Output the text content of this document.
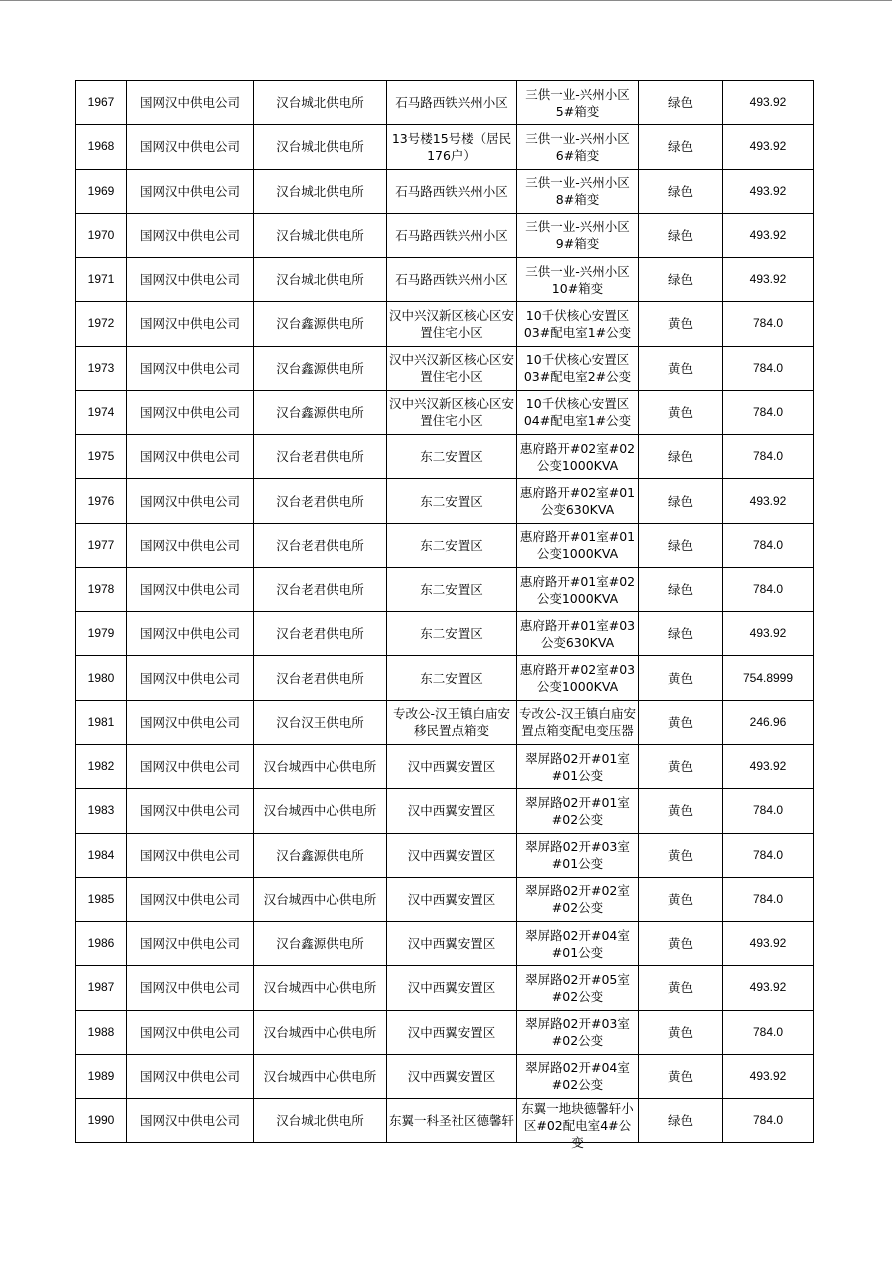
1967	国网汉中供电公司	汉台城北供电所	石马路西铁兴州小区	三供一业-兴州小区5#箱变	绿色	493.92

1968	国网汉中供电公司	汉台城北供电所	13号楼15号楼（居民176户）	三供一业-兴州小区6#箱变	绿色	493.92

1969	国网汉中供电公司	汉台城北供电所	石马路西铁兴州小区	三供一业-兴州小区8#箱变	绿色	493.92

1970	国网汉中供电公司	汉台城北供电所	石马路西铁兴州小区	三供一业-兴州小区9#箱变	绿色	493.92

1971	国网汉中供电公司	汉台城北供电所	石马路西铁兴州小区	三供一业-兴州小区10#箱变	绿色	493.92

1972	国网汉中供电公司	汉台鑫源供电所	汉中兴汉新区核心区安置住宅小区	10千伏核心安置区03#配电室1#公变	黄色	784.0

1973	国网汉中供电公司	汉台鑫源供电所	汉中兴汉新区核心区安置住宅小区	10千伏核心安置区03#配电室2#公变	黄色	784.0

1974	国网汉中供电公司	汉台鑫源供电所	汉中兴汉新区核心区安置住宅小区	10千伏核心安置区04#配电室1#公变	黄色	784.0

1975	国网汉中供电公司	汉台老君供电所	东二安置区	惠府路开#02室#02公变1000KVA	绿色	784.0

1976	国网汉中供电公司	汉台老君供电所	东二安置区	惠府路开#02室#01公变630KVA	绿色	493.92

1977	国网汉中供电公司	汉台老君供电所	东二安置区	惠府路开#01室#01公变1000KVA	绿色	784.0

1978	国网汉中供电公司	汉台老君供电所	东二安置区	惠府路开#01室#02公变1000KVA	绿色	784.0

1979	国网汉中供电公司	汉台老君供电所	东二安置区	惠府路开#01室#03公变630KVA	绿色	493.92

1980	国网汉中供电公司	汉台老君供电所	东二安置区	惠府路开#02室#03公变1000KVA	黄色	754.8999

1981	国网汉中供电公司	汉台汉王供电所	专改公-汉王镇白庙安移民置点箱变	专改公-汉王镇白庙安置点箱变配电变压器	黄色	246.96

1982	国网汉中供电公司	汉台城西中心供电所	汉中西翼安置区	翠屏路02开#01室#01公变	黄色	493.92

1983	国网汉中供电公司	汉台城西中心供电所	汉中西翼安置区	翠屏路02开#01室#02公变	黄色	784.0

1984	国网汉中供电公司	汉台鑫源供电所	汉中西翼安置区	翠屏路02开#03室#01公变	黄色	784.0

1985	国网汉中供电公司	汉台城西中心供电所	汉中西翼安置区	翠屏路02开#02室#02公变	黄色	784.0

1986	国网汉中供电公司	汉台鑫源供电所	汉中西翼安置区	翠屏路02开#04室#01公变	黄色	493.92

1987	国网汉中供电公司	汉台城西中心供电所	汉中西翼安置区	翠屏路02开#05室#02公变	黄色	493.92

1988	国网汉中供电公司	汉台城西中心供电所	汉中西翼安置区	翠屏路02开#03室#02公变	黄色	784.0

1989	国网汉中供电公司	汉台城西中心供电所	汉中西翼安置区	翠屏路02开#04室#02公变	黄色	493.92

1990	国网汉中供电公司	汉台城北供电所	东翼一科圣社区德馨轩	东翼一地块德馨轩小区#02配电室4#公变	绿色	784.0
